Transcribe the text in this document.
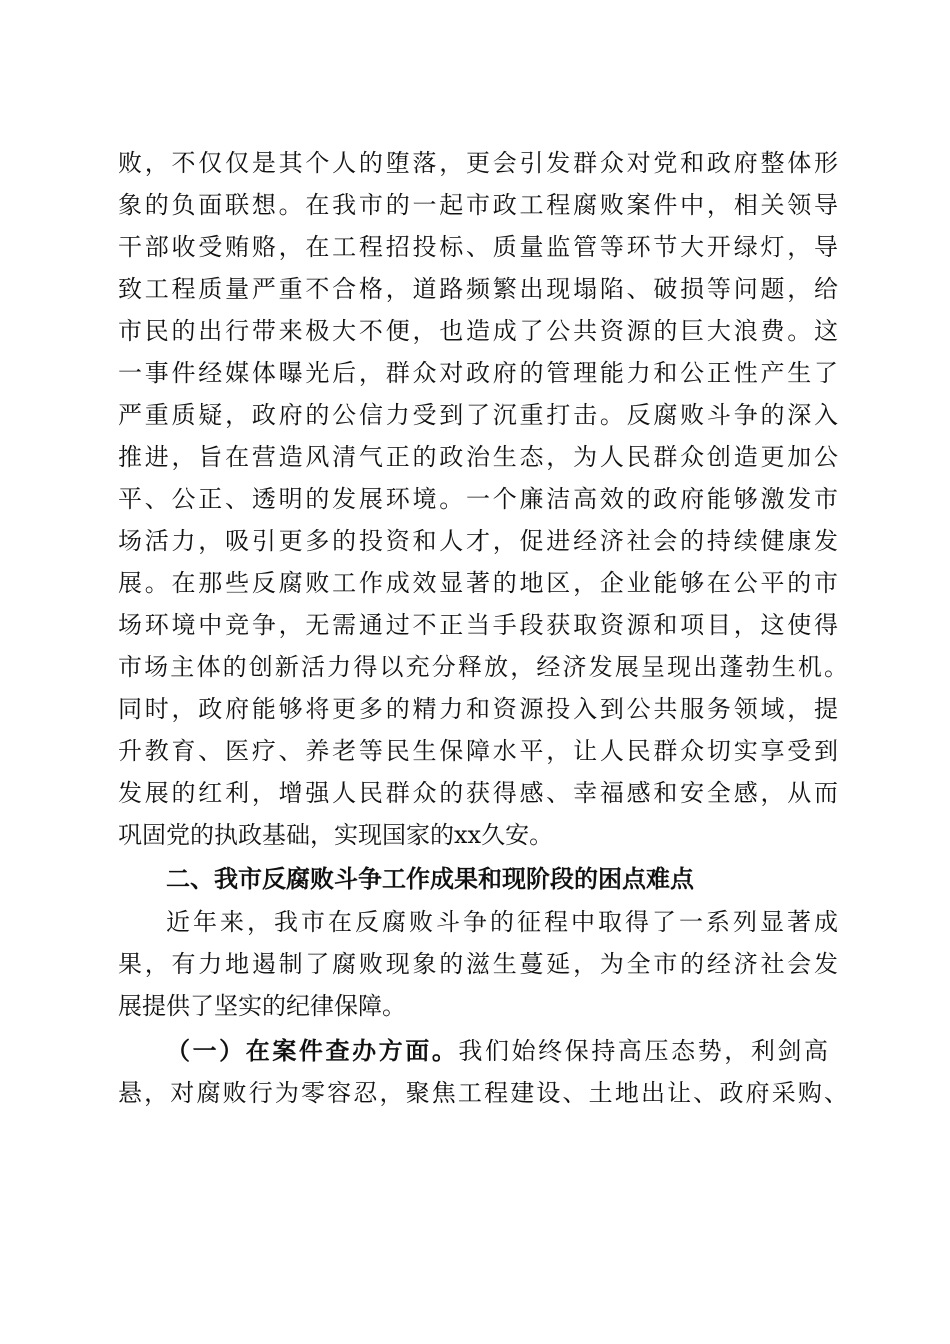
败，不仅仅是其个人的堕落，更会引发群众对党和政府整体形
象的负面联想。在我市的一起市政工程腐败案件中，相关领导
干部收受贿赂，在工程招投标、质量监管等环节大开绿灯，导
致工程质量严重不合格，道路频繁出现塌陷、破损等问题，给
市民的出行带来极大不便，也造成了公共资源的巨大浪费。这
一事件经媒体曝光后，群众对政府的管理能力和公正性产生了
严重质疑，政府的公信力受到了沉重打击。反腐败斗争的深入
推进，旨在营造风清气正的政治生态，为人民群众创造更加公
平、公正、透明的发展环境。一个廉洁高效的政府能够激发市
场活力，吸引更多的投资和人才，促进经济社会的持续健康发
展。在那些反腐败工作成效显著的地区，企业能够在公平的市
场环境中竞争，无需通过不正当手段获取资源和项目，这使得
市场主体的创新活力得以充分释放，经济发展呈现出蓬勃生机。
同时，政府能够将更多的精力和资源投入到公共服务领域，提
升教育、医疗、养老等民生保障水平，让人民群众切实享受到
发展的红利，增强人民群众的获得感、幸福感和安全感，从而
巩固党的执政基础，实现国家的xx久安。
二、我市反腐败斗争工作成果和现阶段的困点难点
近年来，我市在反腐败斗争的征程中取得了一系列显著成
果，有力地遏制了腐败现象的滋生蔓延，为全市的经济社会发
展提供了坚实的纪律保障。
（一）在案件查办方面。我们始终保持高压态势，利剑高
悬，对腐败行为零容忍，聚焦工程建设、土地出让、政府采购、
